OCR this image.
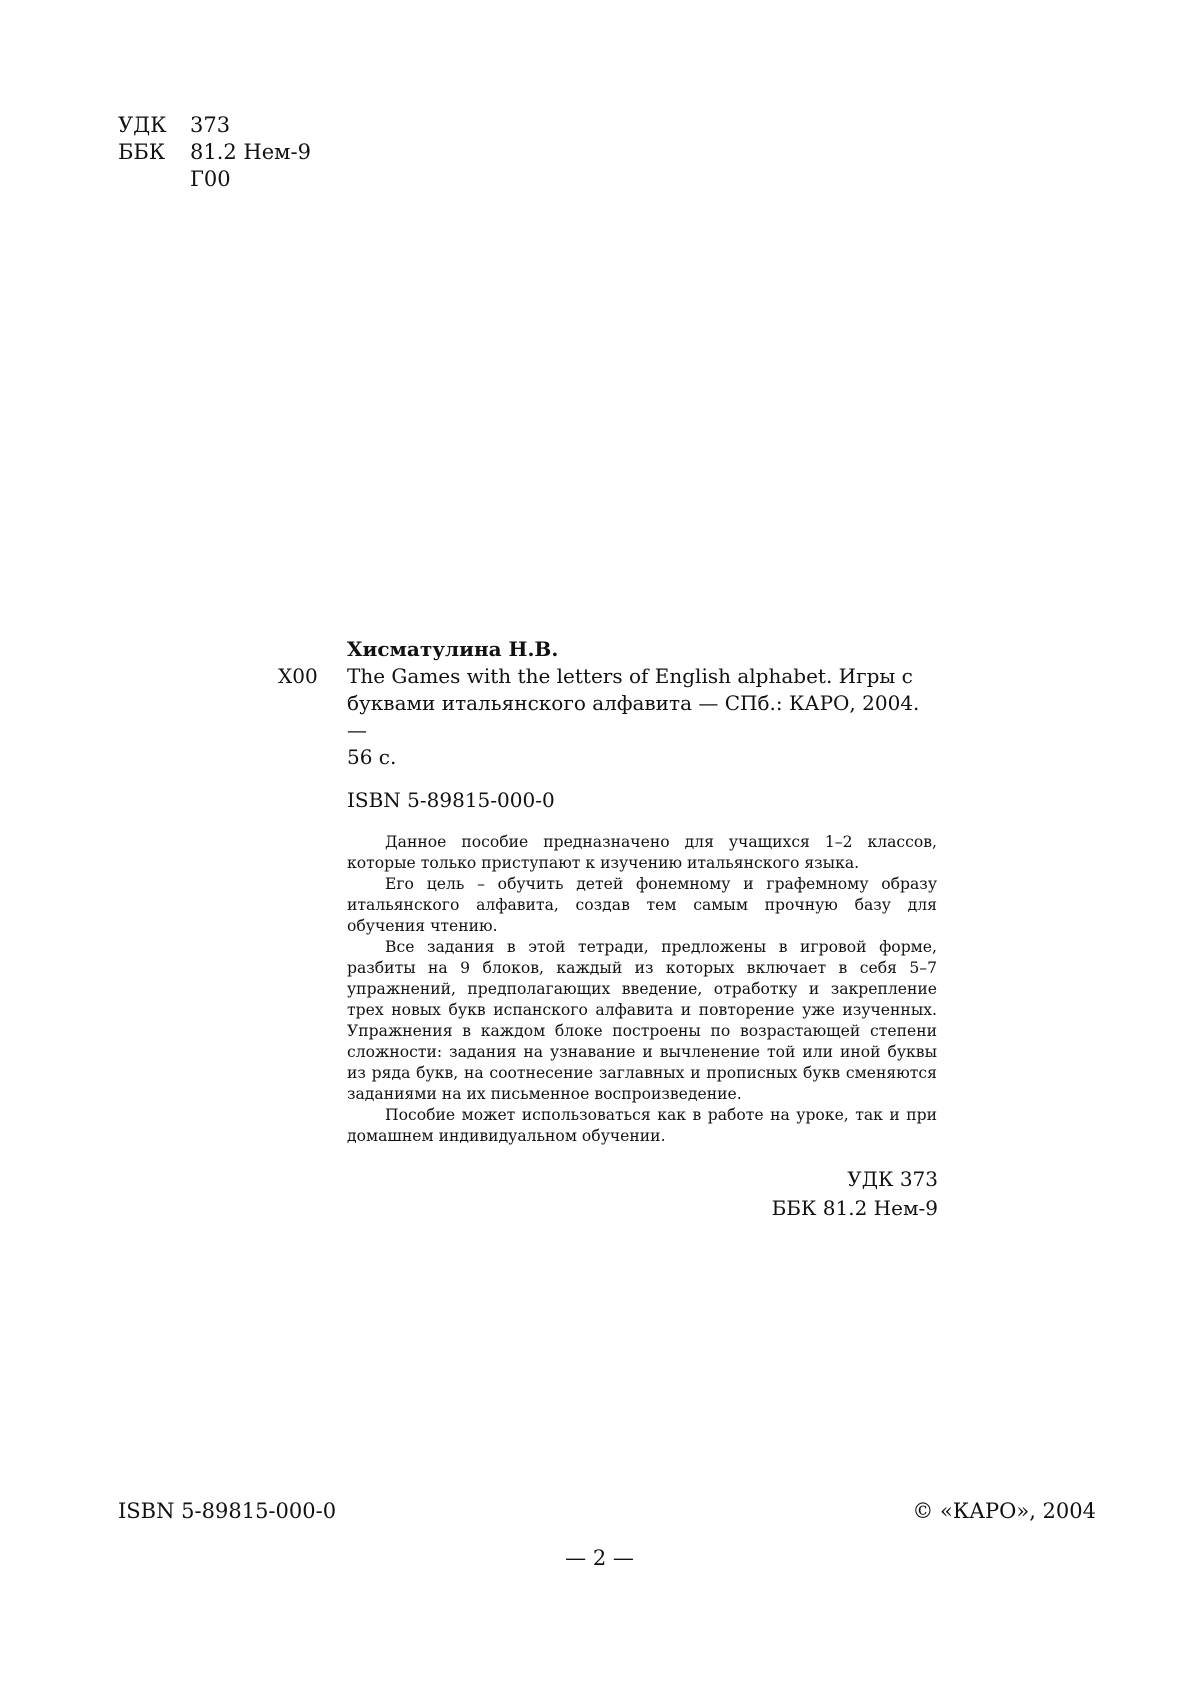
УДК	373
ББК	81.2 Нем-9
Г00
Хисматулина Н.В.
Х00	The Games with the letters of English alphabet. Игры с
буквами итальянского алфавита — СПб.: КАРО, 2004. —
56 с.
ISBN 5-89815-000-0

Данное пособие предназначено для учащихся 1–2 классов, которые только приступают к изучению итальянского языка.

Его цель – обучить детей фонемному и графемному образу итальянского алфавита, создав тем самым прочную базу для обучения чтению.

Все задания в этой тетради, предложены в игровой форме, разбиты на 9 блоков, каждый из которых включает в себя 5–7 упражнений, предполагающих введение, отработку и закрепление трех новых букв испанского алфавита и повторение уже изученных. Упражнения в каждом блоке построены по возрастающей степени сложности: задания на узнавание и вычленение той или иной буквы из ряда букв, на соотнесение заглавных и прописных букв сменяются заданиями на их письменное воспроизведение.

Пособие может использоваться как в работе на уроке, так и при домашнем индивидуальном обучении.

УДК 373
ББК 81.2 Нем-9
ISBN 5-89815-000-0	© «КАРО», 2004
— 2 —
